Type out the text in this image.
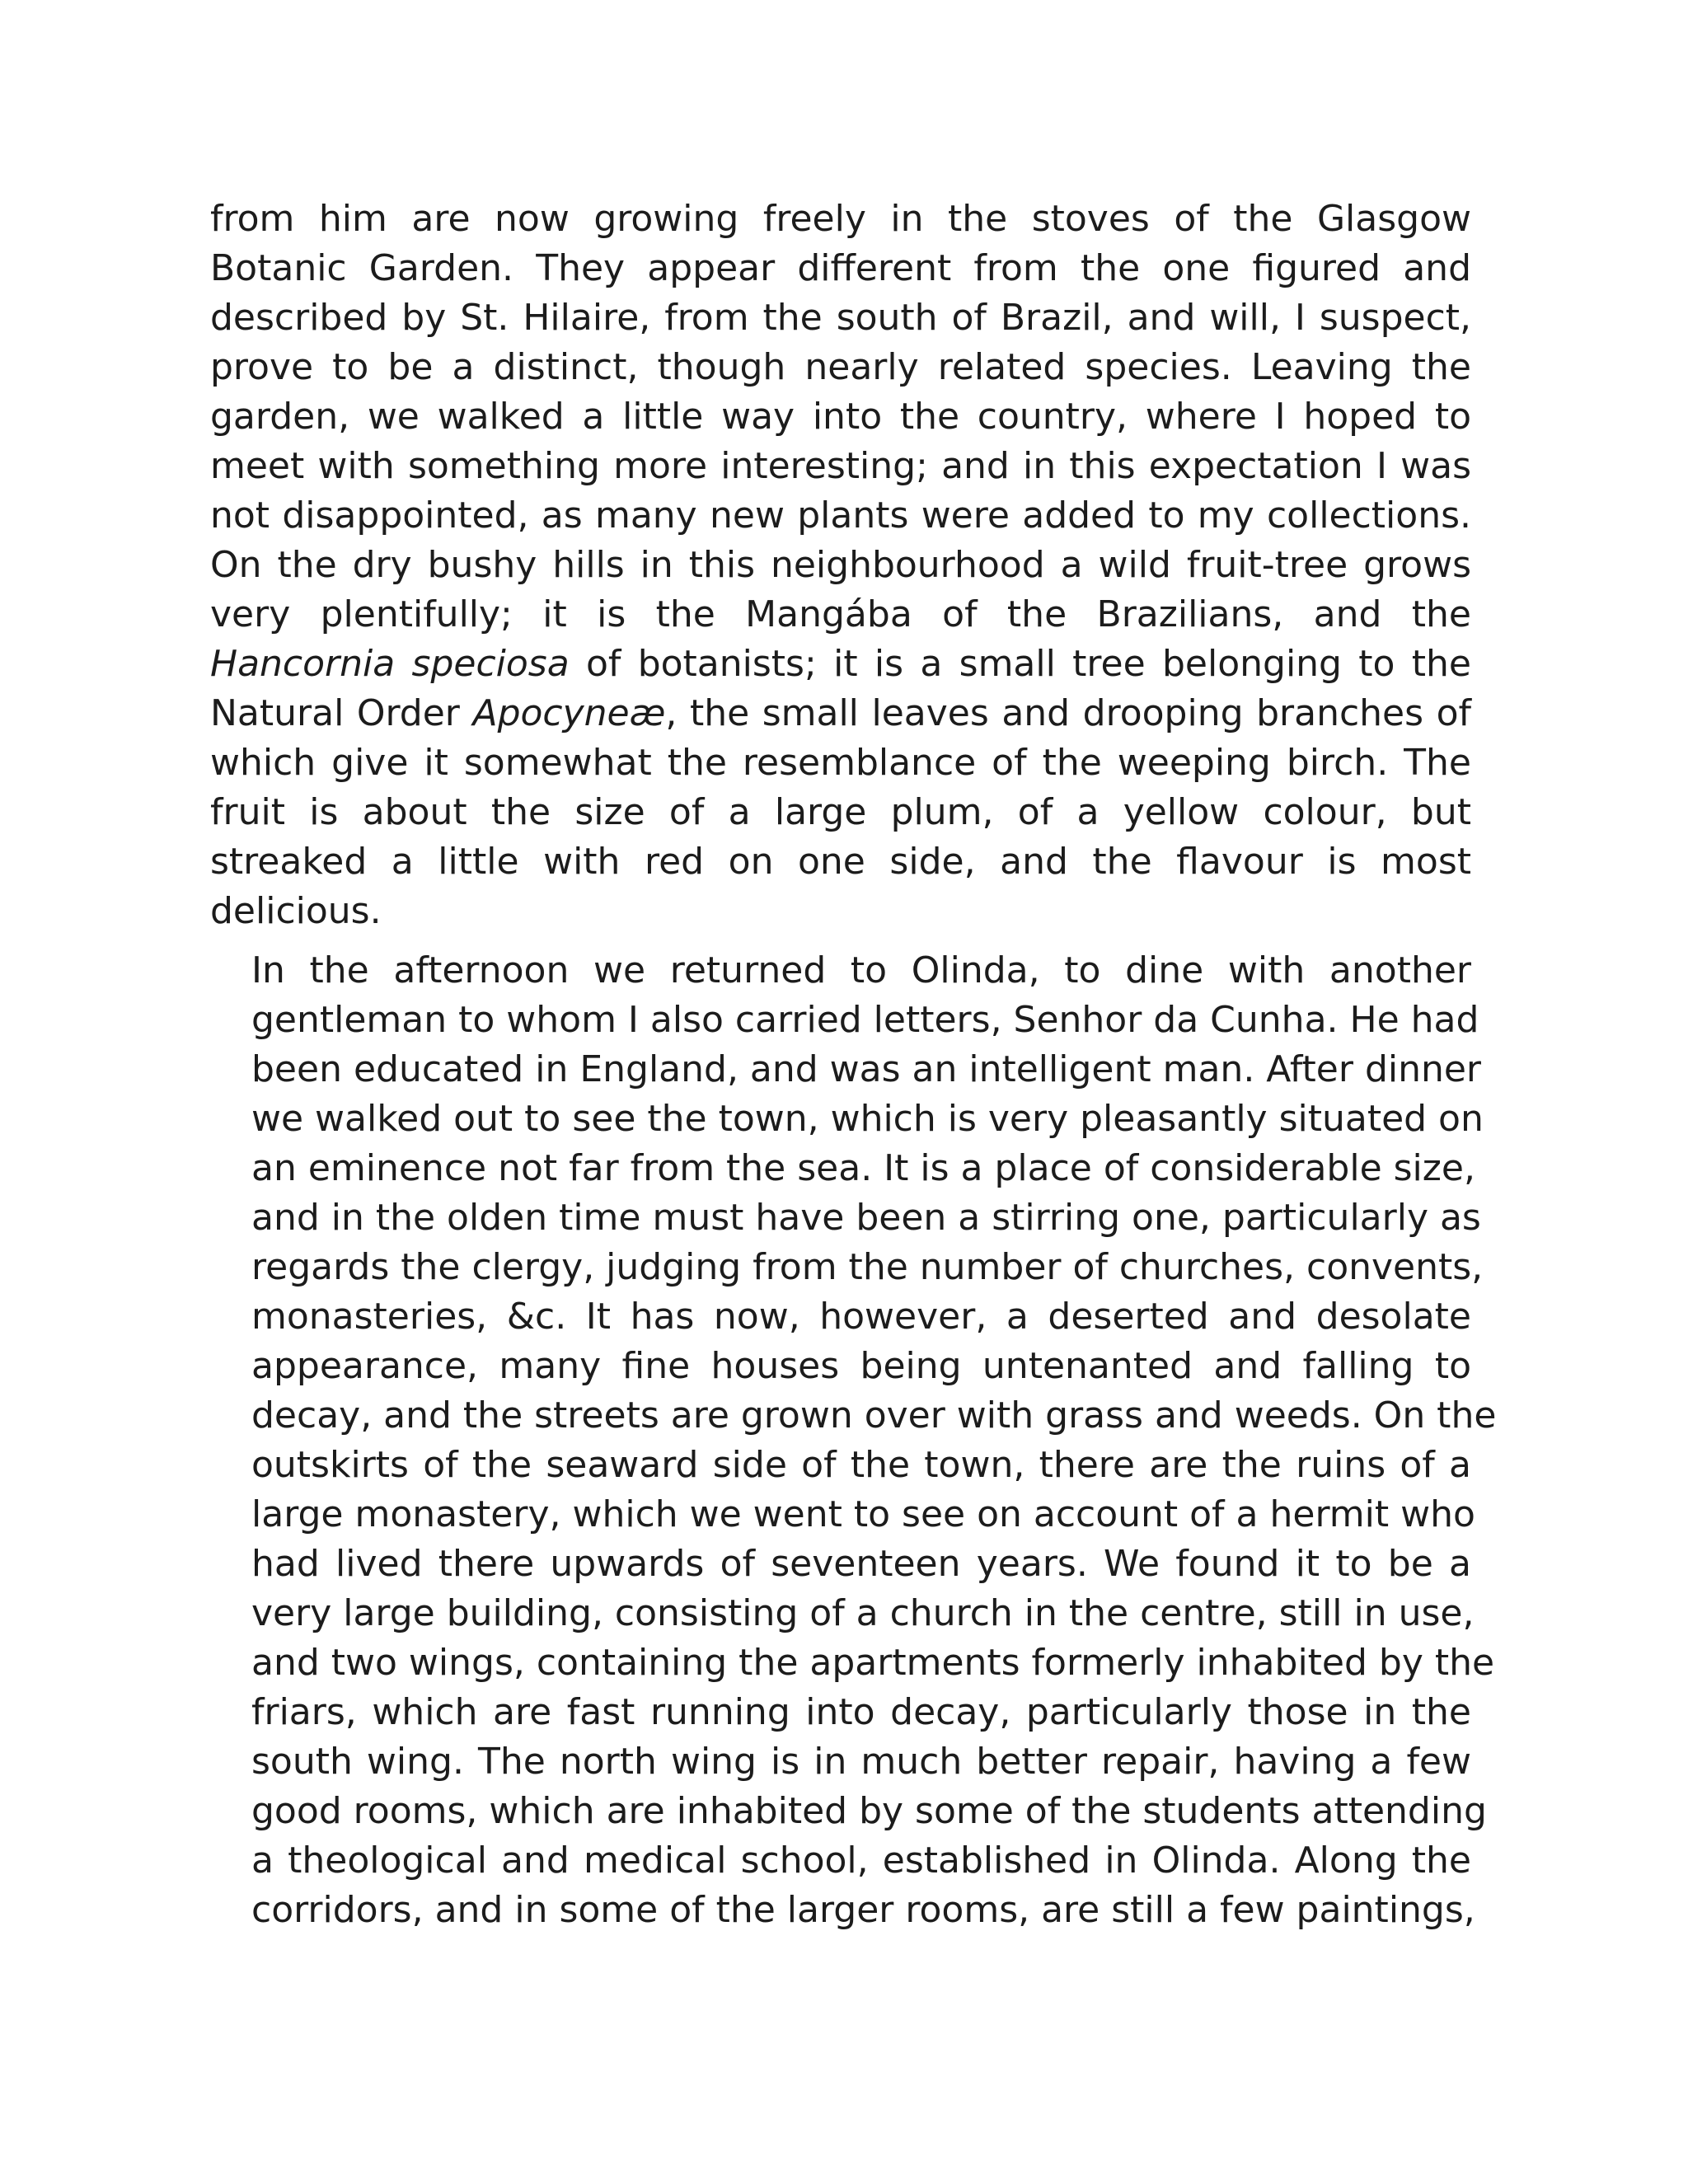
from him are now growing freely in the stoves of the Glasgow
Botanic Garden. They appear different from the one figured and
described by St. Hilaire, from the south of Brazil, and will, I suspect,
prove to be a distinct, though nearly related species. Leaving the
garden, we walked a little way into the country, where I hoped to
meet with something more interesting; and in this expectation I was
not disappointed, as many new plants were added to my collections.
On the dry bushy hills in this neighbourhood a wild fruit-tree grows
very plentifully; it is the Mangába of the Brazilians, and the
Hancornia speciosa of botanists; it is a small tree belonging to the
Natural Order Apocyneæ, the small leaves and drooping branches of
which give it somewhat the resemblance of the weeping birch. The
fruit is about the size of a large plum, of a yellow colour, but
streaked a little with red on one side, and the flavour is most
delicious.

In the afternoon we returned to Olinda, to dine with another
gentleman to whom I also carried letters, Senhor da Cunha. He had
been educated in England, and was an intelligent man. After dinner
we walked out to see the town, which is very pleasantly situated on
an eminence not far from the sea. It is a place of considerable size,
and in the olden time must have been a stirring one, particularly as
regards the clergy, judging from the number of churches, convents,
monasteries, &c. It has now, however, a deserted and desolate
appearance, many fine houses being untenanted and falling to
decay, and the streets are grown over with grass and weeds. On the
outskirts of the seaward side of the town, there are the ruins of a
large monastery, which we went to see on account of a hermit who
had lived there upwards of seventeen years. We found it to be a
very large building, consisting of a church in the centre, still in use,
and two wings, containing the apartments formerly inhabited by the
friars, which are fast running into decay, particularly those in the
south wing. The north wing is in much better repair, having a few
good rooms, which are inhabited by some of the students attending
a theological and medical school, established in Olinda. Along the
corridors, and in some of the larger rooms, are still a few paintings,
